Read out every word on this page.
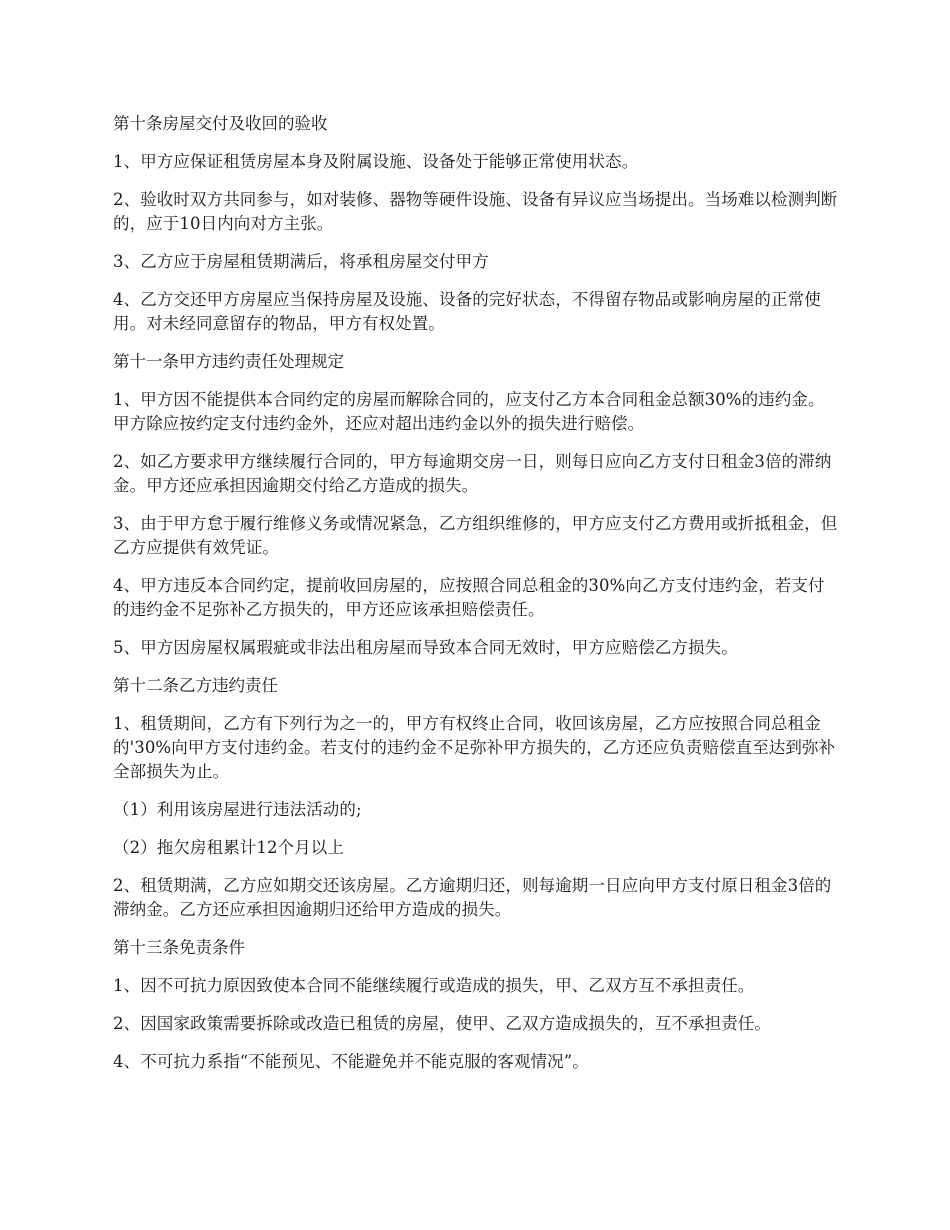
第十条房屋交付及收回的验收

1、甲方应保证租赁房屋本身及附属设施、设备处于能够正常使用状态。

2、验收时双方共同参与，如对装修、器物等硬件设施、设备有异议应当场提出。当场难以检测判断的，应于10日内向对方主张。

3、乙方应于房屋租赁期满后，将承租房屋交付甲方

4、乙方交还甲方房屋应当保持房屋及设施、设备的完好状态，不得留存物品或影响房屋的正常使用。对未经同意留存的物品，甲方有权处置。

第十一条甲方违约责任处理规定

1、甲方因不能提供本合同约定的房屋而解除合同的，应支付乙方本合同租金总额30%的违约金。甲方除应按约定支付违约金外，还应对超出违约金以外的损失进行赔偿。

2、如乙方要求甲方继续履行合同的，甲方每逾期交房一日，则每日应向乙方支付日租金3倍的滞纳金。甲方还应承担因逾期交付给乙方造成的损失。

3、由于甲方怠于履行维修义务或情况紧急，乙方组织维修的，甲方应支付乙方费用或折抵租金，但乙方应提供有效凭证。

4、甲方违反本合同约定，提前收回房屋的，应按照合同总租金的30%向乙方支付违约金，若支付的违约金不足弥补乙方损失的，甲方还应该承担赔偿责任。

5、甲方因房屋权属瑕疵或非法出租房屋而导致本合同无效时，甲方应赔偿乙方损失。

第十二条乙方违约责任

1、租赁期间，乙方有下列行为之一的，甲方有权终止合同，收回该房屋，乙方应按照合同总租金的'30%向甲方支付违约金。若支付的违约金不足弥补甲方损失的，乙方还应负责赔偿直至达到弥补全部损失为止。

（1）利用该房屋进行违法活动的;

（2）拖欠房租累计12个月以上

2、租赁期满，乙方应如期交还该房屋。乙方逾期归还，则每逾期一日应向甲方支付原日租金3倍的滞纳金。乙方还应承担因逾期归还给甲方造成的损失。

第十三条免责条件

1、因不可抗力原因致使本合同不能继续履行或造成的损失，甲、乙双方互不承担责任。

2、因国家政策需要拆除或改造已租赁的房屋，使甲、乙双方造成损失的，互不承担责任。

4、不可抗力系指“不能预见、不能避免并不能克服的客观情况”。
